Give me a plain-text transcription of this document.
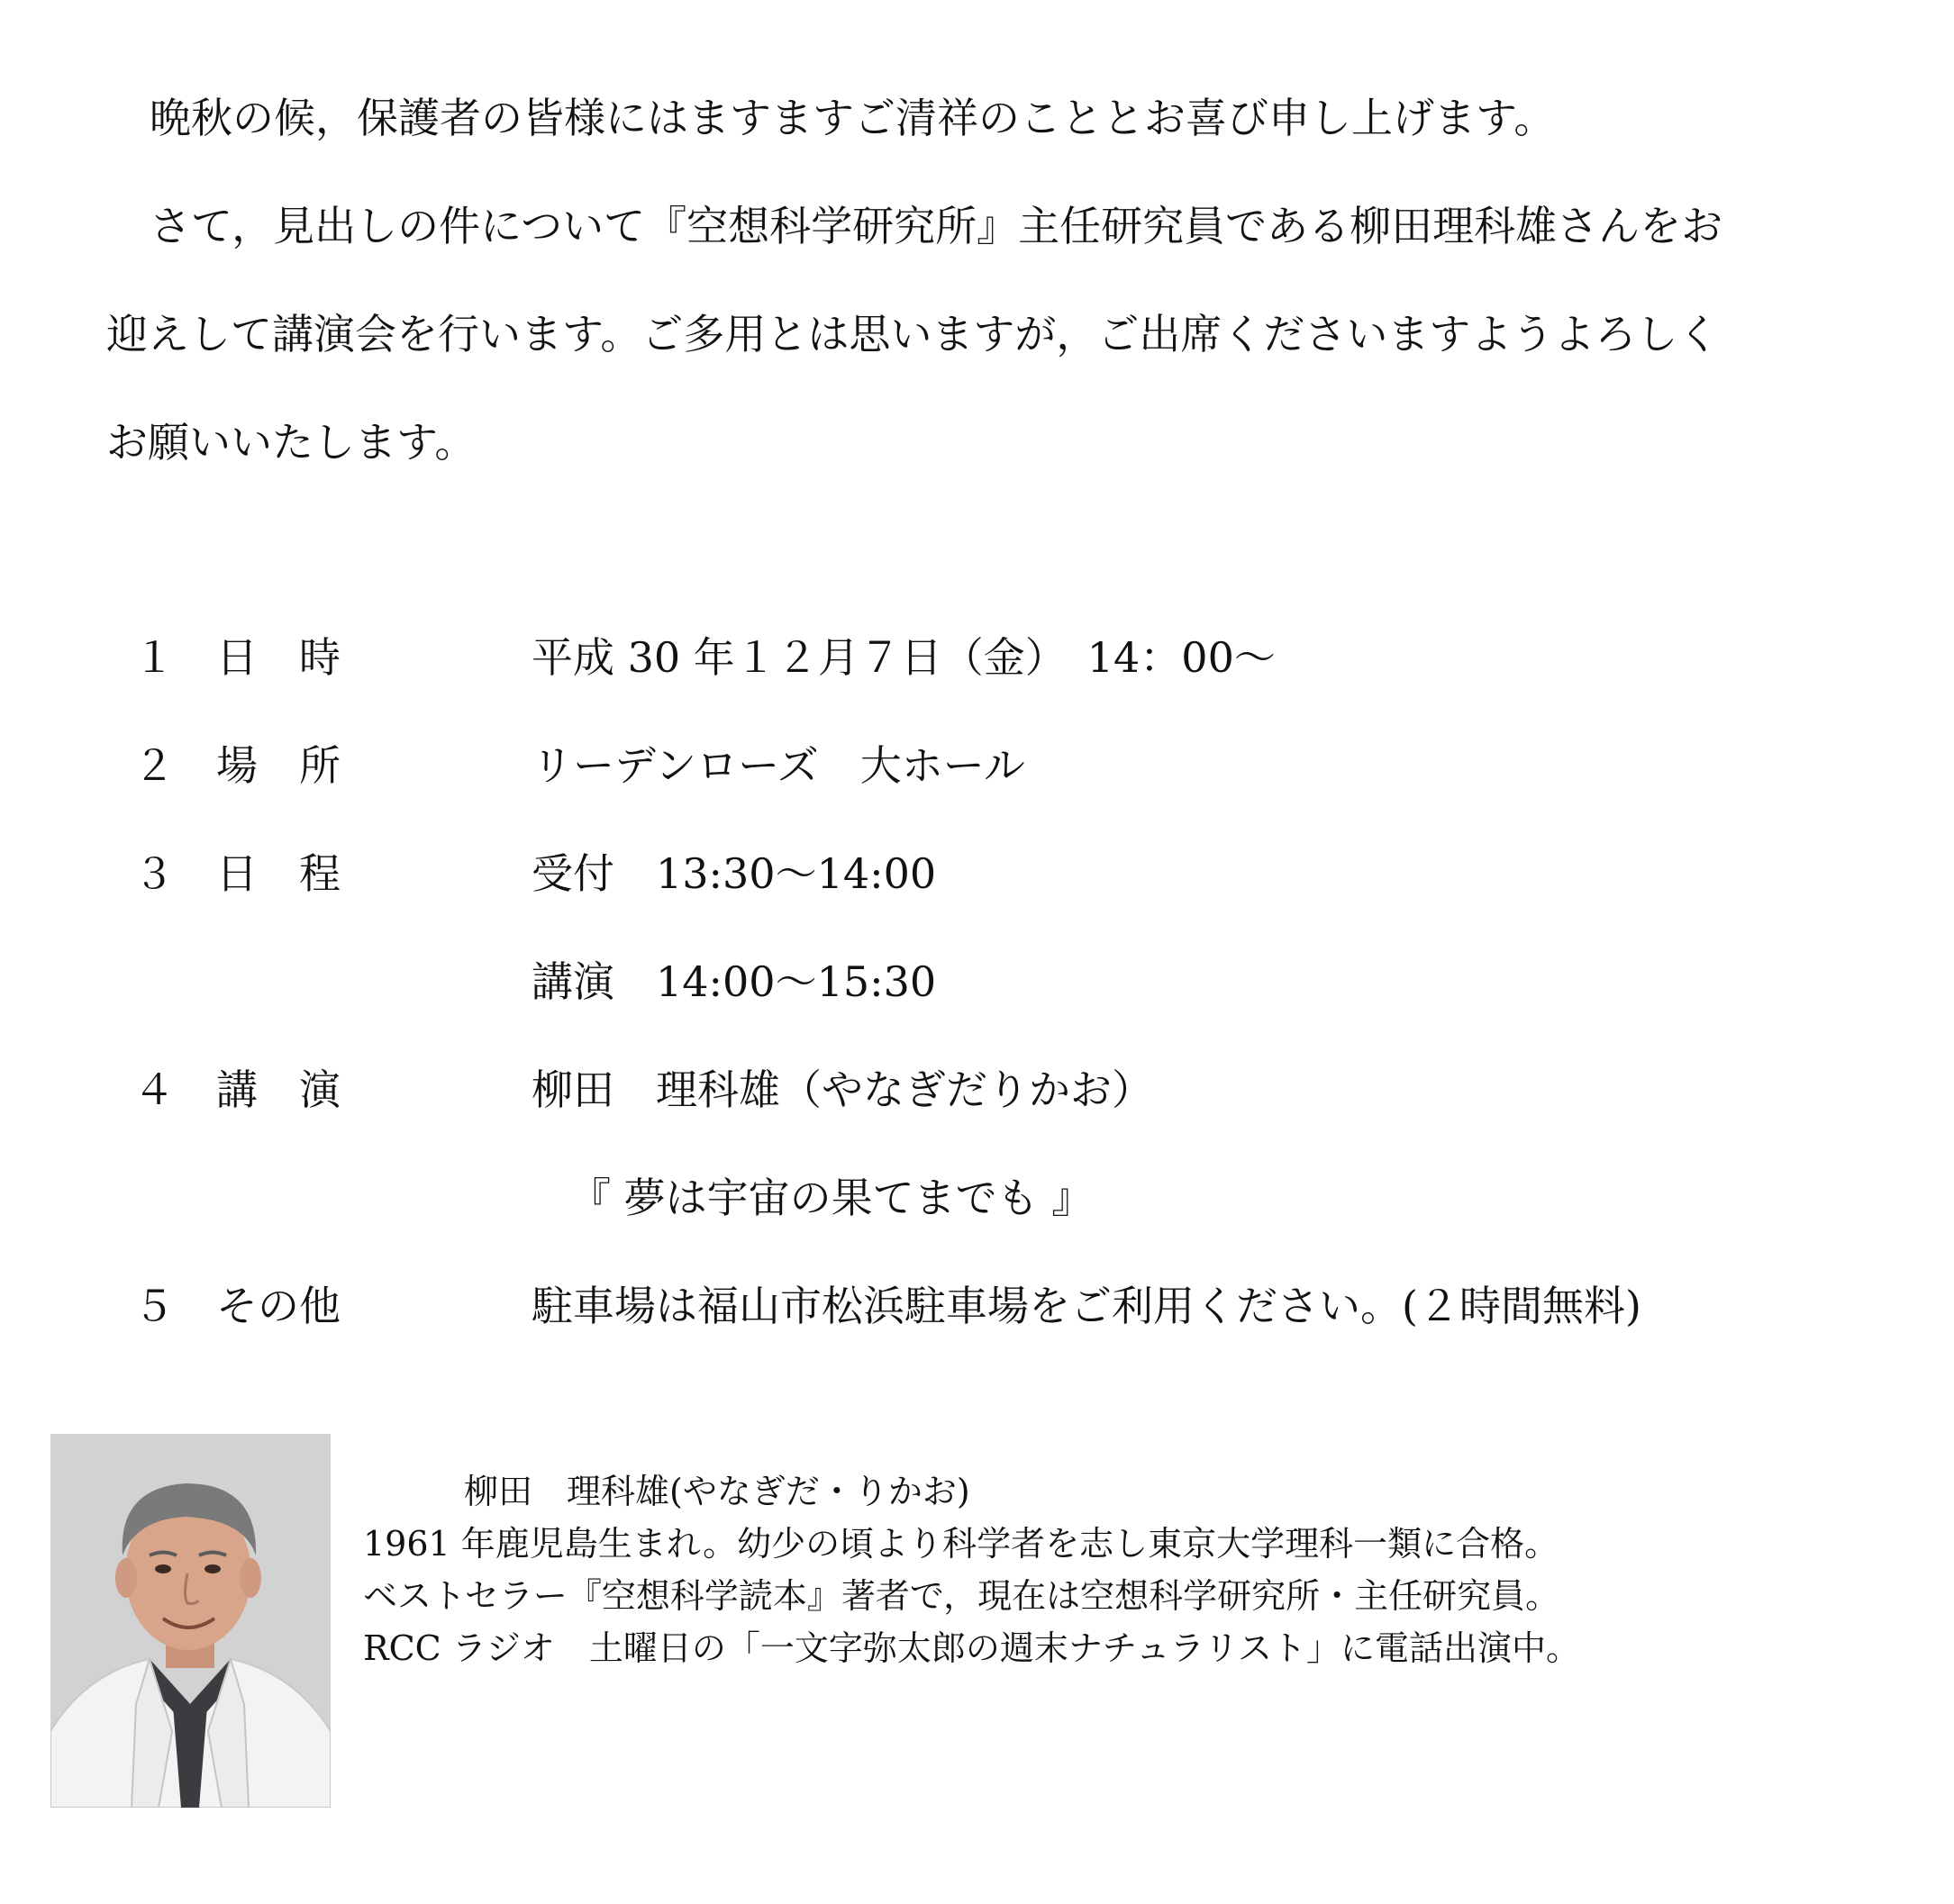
晩秋の候，保護者の皆様にはますますご清祥のこととお喜び申し上げます。

さて，見出しの件について『空想科学研究所』主任研究員である柳田理科雄さんをお

迎えして講演会を行います。ご多用とは思いますが，ご出席くださいますようよろしく

お願いいたします。

１ 日　時	平成 30 年１２月７日（金）　14：00～
２ 場　所	リーデンローズ　大ホール
３ 日　程	受付　13:30～14:00
講演　14:00～15:30
４ 講　演	柳田　理科雄（やなぎだりかお）
『 夢は宇宙の果てまでも 』
５ その他	駐車場は福山市松浜駐車場をご利用ください。(２時間無料)
柳田　理科雄(やなぎだ・りかお)
1961 年鹿児島生まれ。幼少の頃より科学者を志し東京大学理科一類に合格。
ベストセラー『空想科学読本』著者で，現在は空想科学研究所・主任研究員。
RCC ラジオ　土曜日の「一文字弥太郎の週末ナチュラリスト」に電話出演中。
